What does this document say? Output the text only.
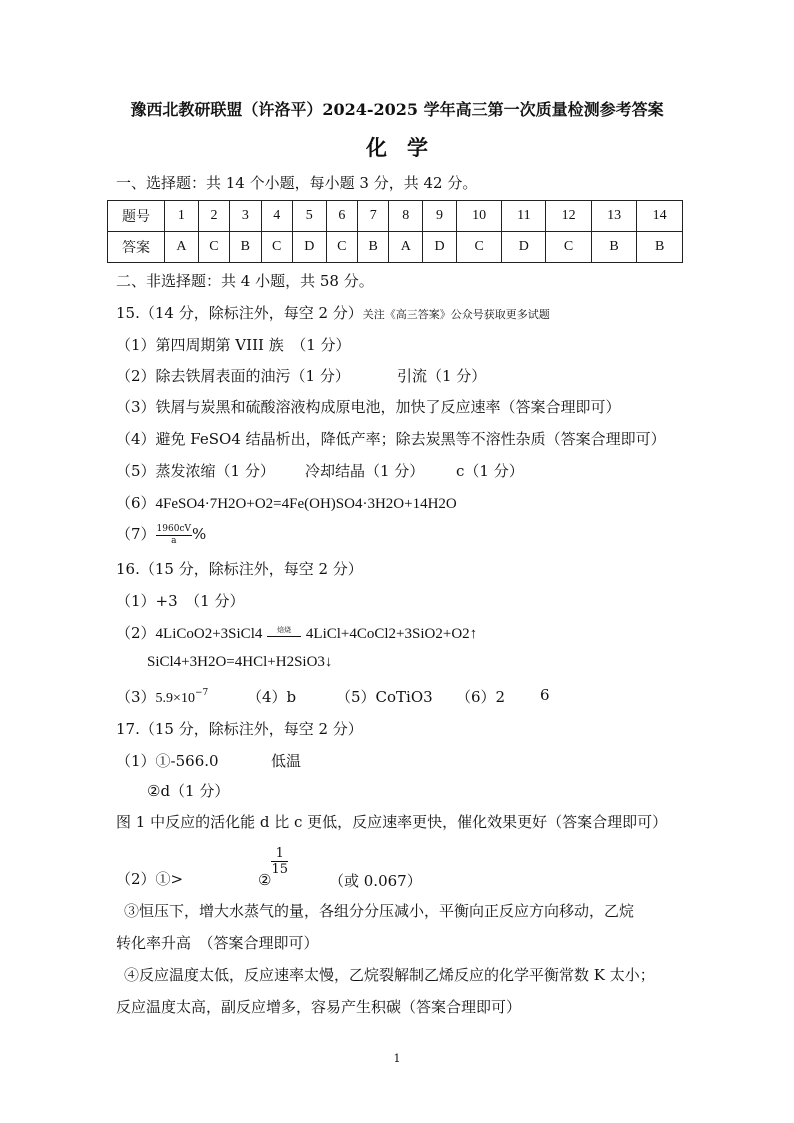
豫西北教研联盟（许洛平）2024-2025 学年高三第一次质量检测参考答案
化学
一、选择题：共 14 个小题，每小题 3 分，共 42 分。
题号	1	2	3	4	5	6	7	8	9	10	11	12	13	14
答案	A	C	B	C	D	C	B	A	D	C	D	C	B	B
二、非选择题：共 4 小题，共 58 分。
15.（14 分，除标注外，每空 2 分）关注《高三答案》公众号获取更多试题
（1）第四周期第 VIII 族　（1 分）
（2）除去铁屑表面的油污（1 分）	引流（1 分）
（3）铁屑与炭黑和硫酸溶液构成原电池，加快了反应速率（答案合理即可）
（4）避免 FeSO4 结晶析出，降低产率；除去炭黑等不溶性杂质（答案合理即可）
（5）蒸发浓缩（1 分） 冷却结晶（1 分） c（1 分）
（6）4FeSO4·7H2O+O2=4Fe(OH)SO4·3H2O+14H2O
$(7) \frac{1960cV}{a}$ %
16.（15 分，除标注外，每空 2 分）
（1）+3　（1 分）
（2）4LiCoO2+3SiCl4	焙烧 4LiCl+4CoCl2+3SiO2+O2↑
SiCl4+3H2O=4HCl+H2SiO3↓
$(3)5.9\times 10^{-7}$	（4）b	（5）CoTiO3 （6）2 6
17.（15 分，除标注外，每空 2 分）
（1）①-566.0	低温
②d（1 分）
图 1 中反应的活化能 d 比 c 更低，反应速率更快，催化效果更好（答案合理即可）
（2）①>	②
$\frac{1}{15}$
（或 0.067）
③恒压下，增大水蒸气的量，各组分分压减小，平衡向正反应方向移动，乙烷
转化率升高　（答案合理即可）
④反应温度太低，反应速率太慢，乙烷裂解制乙烯反应的化学平衡常数 K 太小；
反应温度太高，副反应增多，容易产生积碳（答案合理即可）
1
